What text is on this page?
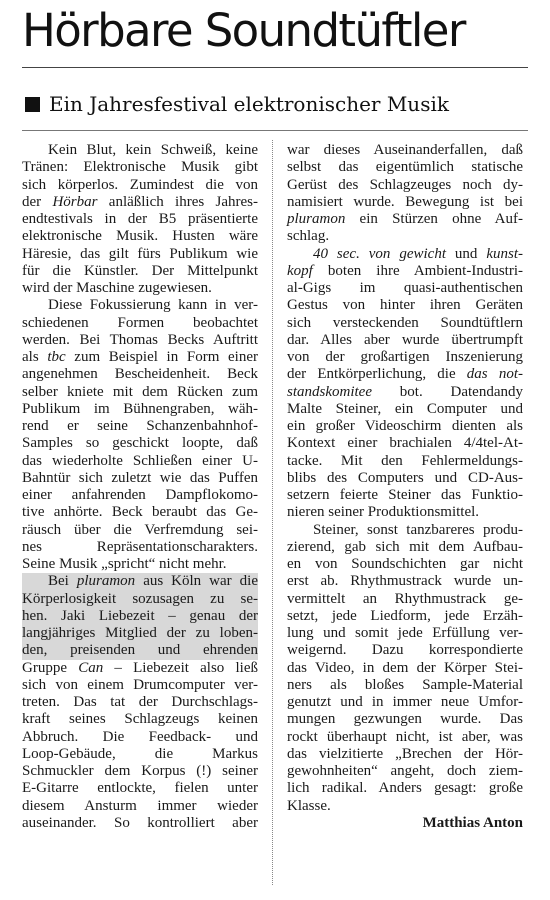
Hörbare Soundtüftler
Ein Jahresfestival elektronischer Musik
Kein Blut, kein Schweiß, keine
Tränen: Elektronische Musik gibt
sich körperlos. Zumindest die von
der Hörbar anläßlich ihres Jahres-
endtestivals in der B5 präsentierte
elektronische Musik. Husten wäre
Häresie, das gilt fürs Publikum wie
für die Künstler. Der Mittelpunkt
wird der Maschine zugewiesen.
Diese Fokussierung kann in ver-
schiedenen Formen beobachtet
werden. Bei Thomas Becks Auftritt
als tbc zum Beispiel in Form einer
angenehmen Bescheidenheit. Beck
selber kniete mit dem Rücken zum
Publikum im Bühnengraben, wäh-
rend er seine Schanzenbahnhof-
Samples so geschickt loopte, daß
das wiederholte Schließen einer U-
Bahntür sich zuletzt wie das Puffen
einer anfahrenden Dampflokomo-
tive anhörte. Beck beraubt das Ge-
räusch über die Verfremdung sei-
nes Repräsentationscharakters.
Seine Musik „spricht“ nicht mehr.
Bei pluramon aus Köln war die
Körperlosigkeit sozusagen zu se-
hen. Jaki Liebezeit – genau der
langjähriges Mitglied der zu loben-
den, preisenden und ehrenden
Gruppe Can – Liebezeit also ließ
sich von einem Drumcomputer ver-
treten. Das tat der Durchschlags-
kraft seines Schlagzeugs keinen
Abbruch. Die Feedback- und
Loop-Gebäude, die Markus
Schmuckler dem Korpus (!) seiner
E-Gitarre entlockte, fielen unter
diesem Ansturm immer wieder
auseinander. So kontrolliert aber
war dieses Auseinanderfallen, daß
selbst das eigentümlich statische
Gerüst des Schlagzeuges noch dy-
namisiert wurde. Bewegung ist bei
pluramon ein Stürzen ohne Auf-
schlag.
40 sec. von gewicht und kunst-
kopf boten ihre Ambient-Industri-
al-Gigs im quasi-authentischen
Gestus von hinter ihren Geräten
sich versteckenden Soundtüftlern
dar. Alles aber wurde übertrumpft
von der großartigen Inszenierung
der Entkörperlichung, die das not-
standskomitee bot. Datendandy
Malte Steiner, ein Computer und
ein großer Videoschirm dienten als
Kontext einer brachialen 4/4tel-At-
tacke. Mit den Fehlermeldungs-
blibs des Computers und CD-Aus-
setzern feierte Steiner das Funktio-
nieren seiner Produktionsmittel.
Steiner, sonst tanzbareres produ-
zierend, gab sich mit dem Aufbau-
en von Soundschichten gar nicht
erst ab. Rhythmustrack wurde un-
vermittelt an Rhythmustrack ge-
setzt, jede Liedform, jede Erzäh-
lung und somit jede Erfüllung ver-
weigernd. Dazu korrespondierte
das Video, in dem der Körper Stei-
ners als bloßes Sample-Material
genutzt und in immer neue Umfor-
mungen gezwungen wurde. Das
rockt überhaupt nicht, ist aber, was
das vielzitierte „Brechen der Hör-
gewohnheiten“ angeht, doch ziem-
lich radikal. Anders gesagt: große
Klasse.
Matthias Anton
